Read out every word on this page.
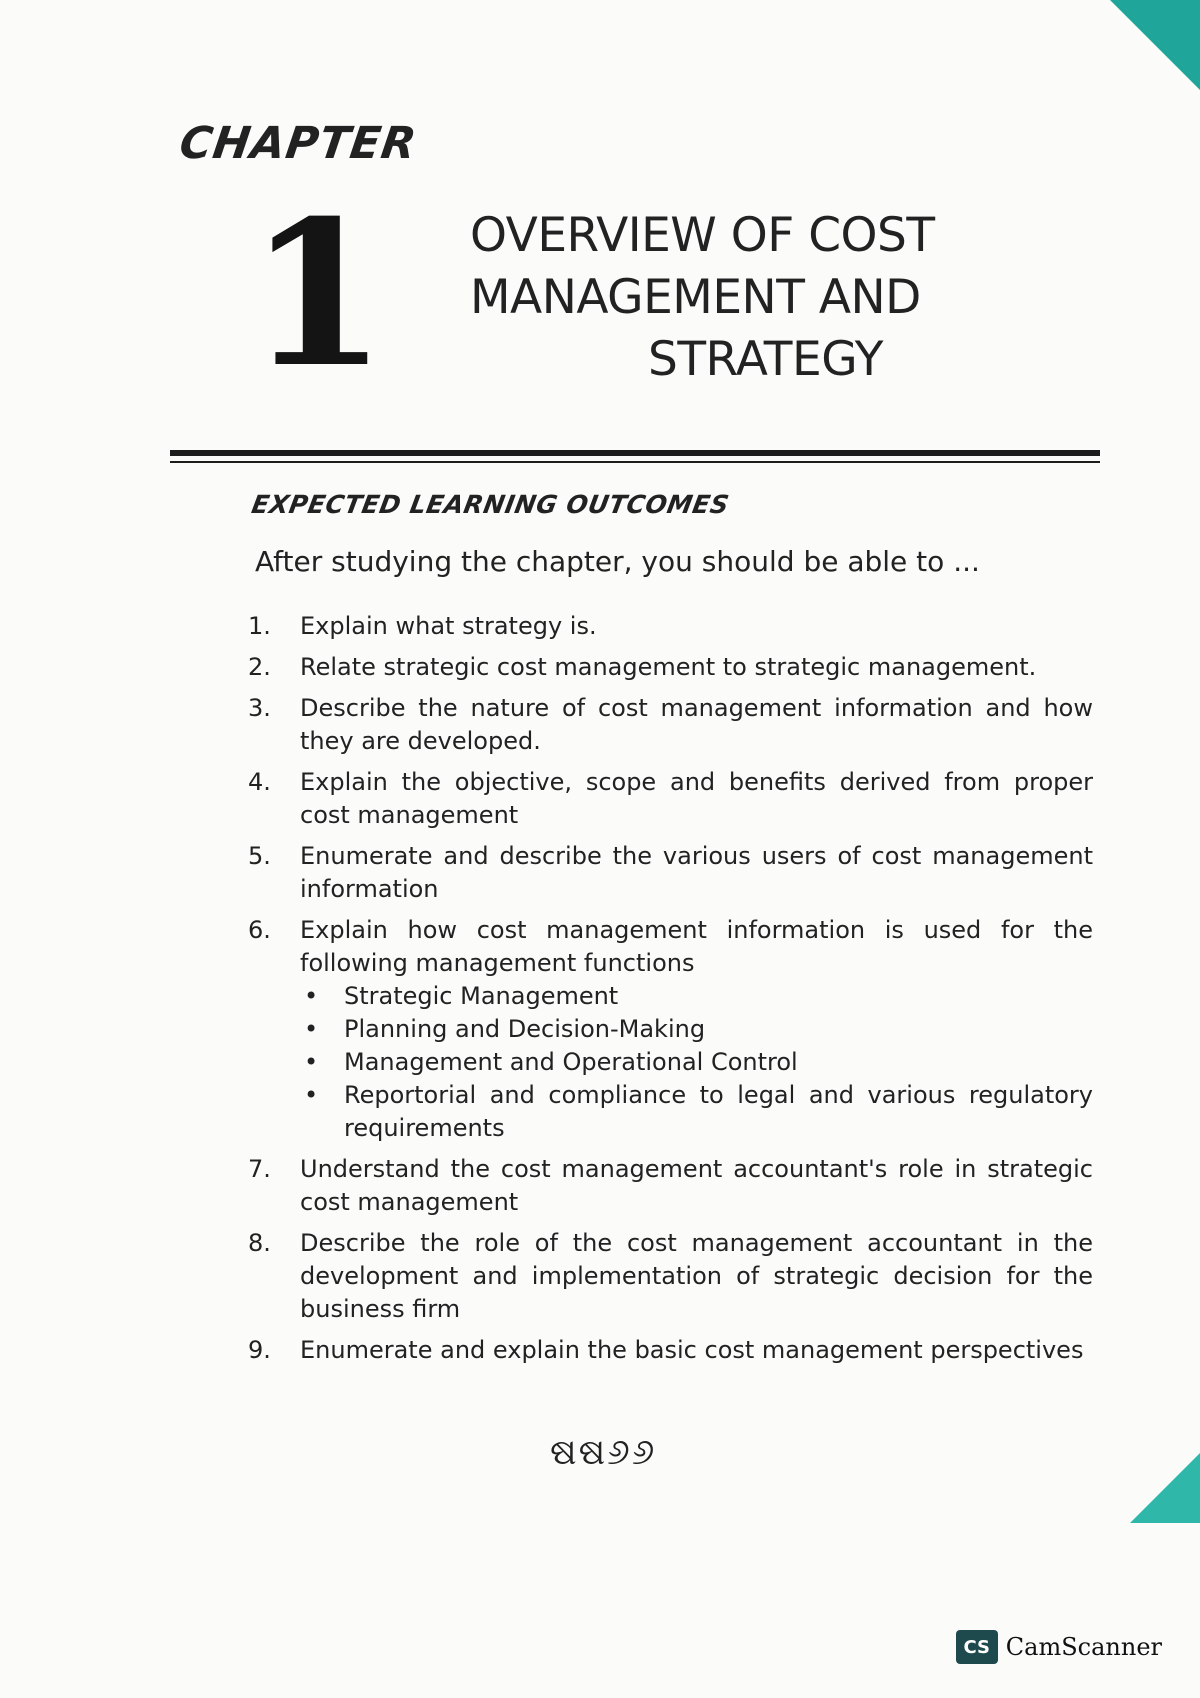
CHAPTER
1 OVERVIEW OF COST
MANAGEMENT AND
STRATEGY
EXPECTED LEARNING OUTCOMES
After studying the chapter, you should be able to ...
1. Explain what strategy is.
2. Relate strategic cost management to strategic management.
3. Describe the nature of cost management information and how they are developed.
4. Explain the objective, scope and benefits derived from proper cost management
5. Enumerate and describe the various users of cost management information
6. Explain how cost management information is used for the following management functions
• Strategic Management
• Planning and Decision-Making
• Management and Operational Control
• Reportorial and compliance to legal and various regulatory requirements
7. Understand the cost management accountant's role in strategic cost management
8. Describe the role of the cost management accountant in the development and implementation of strategic decision for the business firm
9. Enumerate and explain the basic cost management perspectives
ଷଷ୬୬
CS CamScanner
